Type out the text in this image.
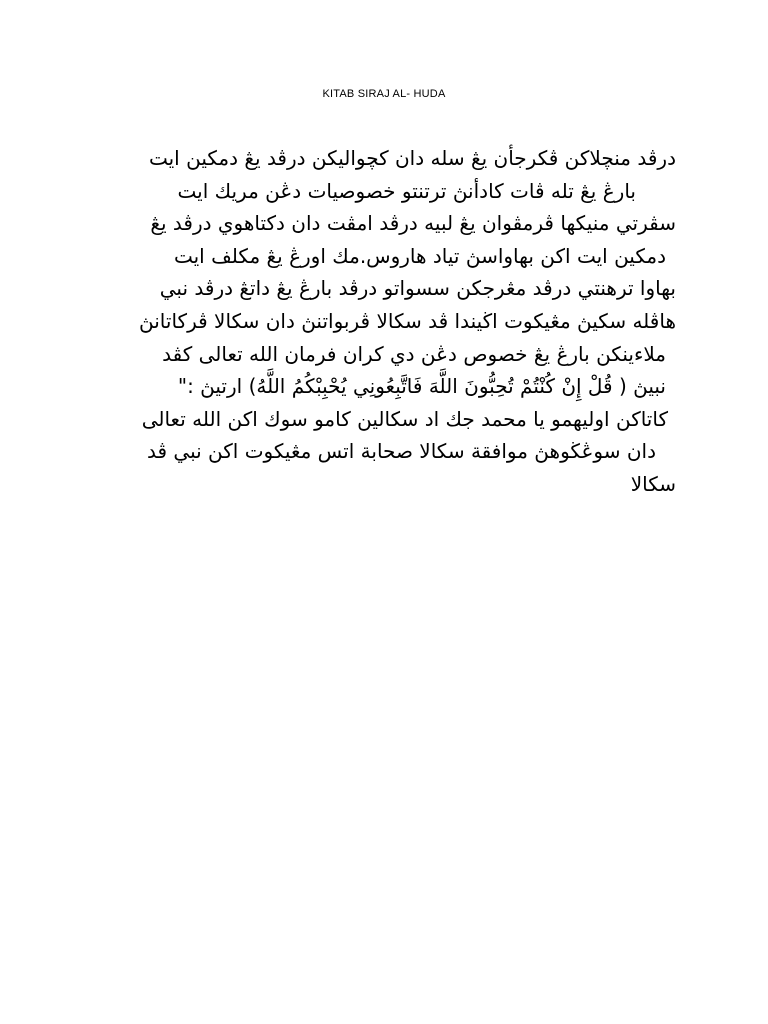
KITAB SIRAJ AL- HUDA
درڤد منچلاكن ڤكرجأن يڠ سله دان كچواليكن درڤد يڠ دمكين ايت
بارڠ يڠ تله ڤات كادأنڽ ترتنتو خصوصيات دڠن مريك ايت
سڤرتي منيكها ڤرمڤوان يڠ لبيه درڤد امڤت دان دكتاهوي درڤد يڠ
دمكين ايت اكن بهاواسڽ تياد هاروس.مك اورڠ يڠ مكلف ايت
بهاوا ترهنتي درڤد مڠرجكن سسواتو درڤد بارڠ يڠ داتڠ درڤد نبي
هاڤله سكيڽ مڠيكوت اڬيندا ڤد سكالا ڤربواتنڽ دان سكالا ڤركاتانڽ
ملاءينكن بارڠ يڠ خصوص دڠن دي كران فرمان الله تعالى كڤد
نبيڽ ( قُلْ إِنْ كُنْتُمْ تُحِبُّونَ اللَّهَ فَاتَّبِعُونِي يُحْبِبْكُمُ اللَّهُ) ارتيڽ :"
كاتاكن اوليهمو يا محمد جك اد سكالين كامو سوك اكن الله تعالى
دان سوڠڬوهڽ موافقة سكالا صحابة اتس مڠيكوت اكن نبي ڤد
سكالا
